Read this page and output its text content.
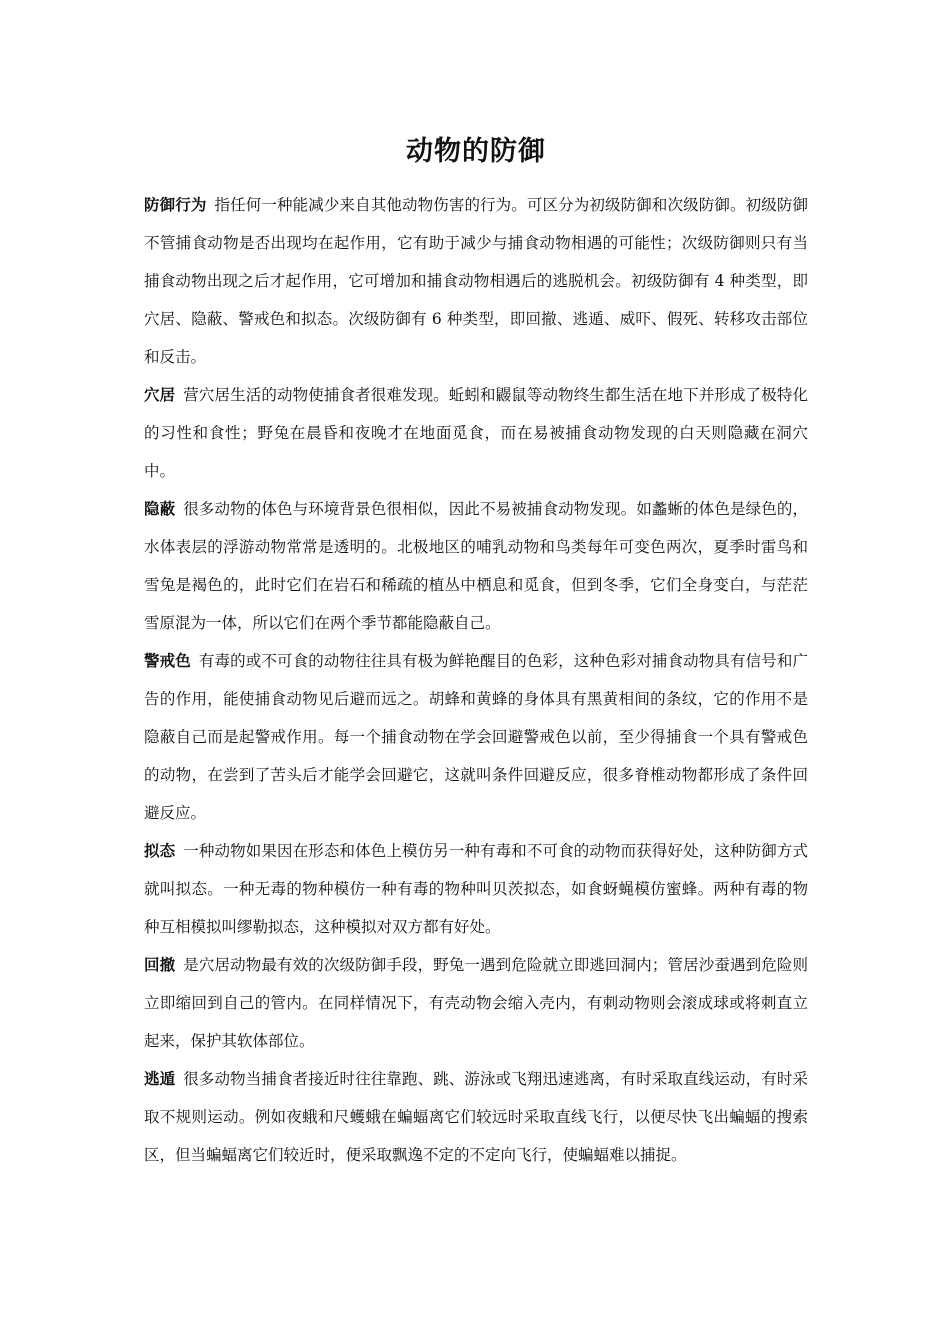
动物的防御

防御行为 指任何一种能减少来自其他动物伤害的行为。可区分为初级防御和次级防御。初级防御不管捕食动物是否出现均在起作用，它有助于减少与捕食动物相遇的可能性；次级防御则只有当捕食动物出现之后才起作用，它可增加和捕食动物相遇后的逃脱机会。初级防御有 4 种类型，即穴居、隐蔽、警戒色和拟态。次级防御有 6 种类型，即回撤、逃遁、威吓、假死、转移攻击部位和反击。

穴居 营穴居生活的动物使捕食者很难发现。蚯蚓和鼹鼠等动物终生都生活在地下并形成了极特化的习性和食性；野兔在晨昏和夜晚才在地面觅食，而在易被捕食动物发现的白天则隐藏在洞穴中。

隐蔽 很多动物的体色与环境背景色很相似，因此不易被捕食动物发现。如蠡蜥的体色是绿色的，水体表层的浮游动物常常是透明的。北极地区的哺乳动物和鸟类每年可变色两次，夏季时雷鸟和雪兔是褐色的，此时它们在岩石和稀疏的植丛中栖息和觅食，但到冬季，它们全身变白，与茫茫雪原混为一体，所以它们在两个季节都能隐蔽自己。

警戒色 有毒的或不可食的动物往往具有极为鲜艳醒目的色彩，这种色彩对捕食动物具有信号和广告的作用，能使捕食动物见后避而远之。胡蜂和黄蜂的身体具有黑黄相间的条纹，它的作用不是隐蔽自己而是起警戒作用。每一个捕食动物在学会回避警戒色以前，至少得捕食一个具有警戒色的动物，在尝到了苦头后才能学会回避它，这就叫条件回避反应，很多脊椎动物都形成了条件回避反应。

拟态 一种动物如果因在形态和体色上模仿另一种有毒和不可食的动物而获得好处，这种防御方式就叫拟态。一种无毒的物种模仿一种有毒的物种叫贝茨拟态，如食蚜蝇模仿蜜蜂。两种有毒的物种互相模拟叫缪勒拟态，这种模拟对双方都有好处。

回撤 是穴居动物最有效的次级防御手段，野兔一遇到危险就立即逃回洞内；管居沙蚕遇到危险则立即缩回到自己的管内。在同样情况下，有壳动物会缩入壳内，有刺动物则会滚成球或将刺直立起来，保护其软体部位。

逃遁 很多动物当捕食者接近时往往靠跑、跳、游泳或飞翔迅速逃离，有时采取直线运动，有时采取不规则运动。例如夜蛾和尺蠖蛾在蝙蝠离它们较远时采取直线飞行，以便尽快飞出蝙蝠的搜索区，但当蝙蝠离它们较近时，便采取飘逸不定的不定向飞行，使蝙蝠难以捕捉。
